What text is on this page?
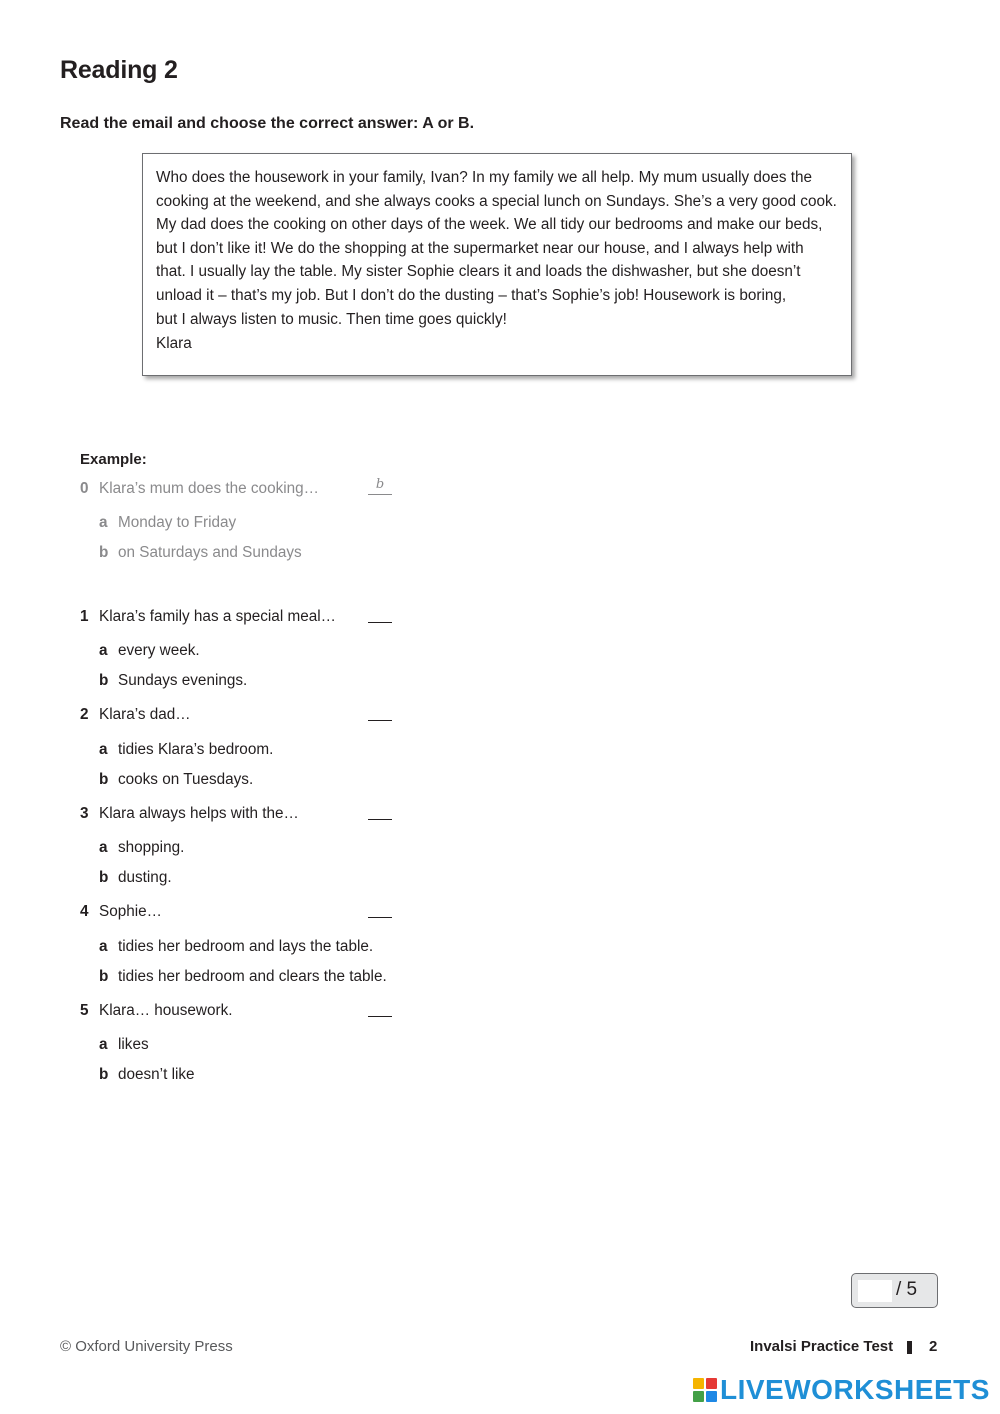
Reading 2
Read the email and choose the correct answer: A or B.

Who does the housework in your family, Ivan? In my family we all help. My mum usually does the
cooking at the weekend, and she always cooks a special lunch on Sundays. She’s a very good cook.
My dad does the cooking on other days of the week. We all tidy our bedrooms and make our beds,
but I don’t like it! We do the shopping at the supermarket near our house, and I always help with
that. I usually lay the table. My sister Sophie clears it and loads the dishwasher, but she doesn’t
unload it – that’s my job. But I don’t do the dusting – that’s Sophie’s job! Housework is boring,
but I always listen to music. Then time goes quickly!

Klara
Example:
0 Klara’s mum does the cooking…	b
a Monday to Friday
b on Saturdays and Sundays
1 Klara’s family has a special meal…
a every week.
b Sundays evenings.
2 Klara’s dad…
a tidies Klara’s bedroom.
b cooks on Tuesdays.
3 Klara always helps with the…
a shopping.
b dusting.
4 Sophie…
a tidies her bedroom and lays the table.
b tidies her bedroom and clears the table.
5 Klara… housework.
a likes
b doesn’t like
/ 5
© Oxford University Press	Invalsi Practice Test 2
LIVEWORKSHEETS
